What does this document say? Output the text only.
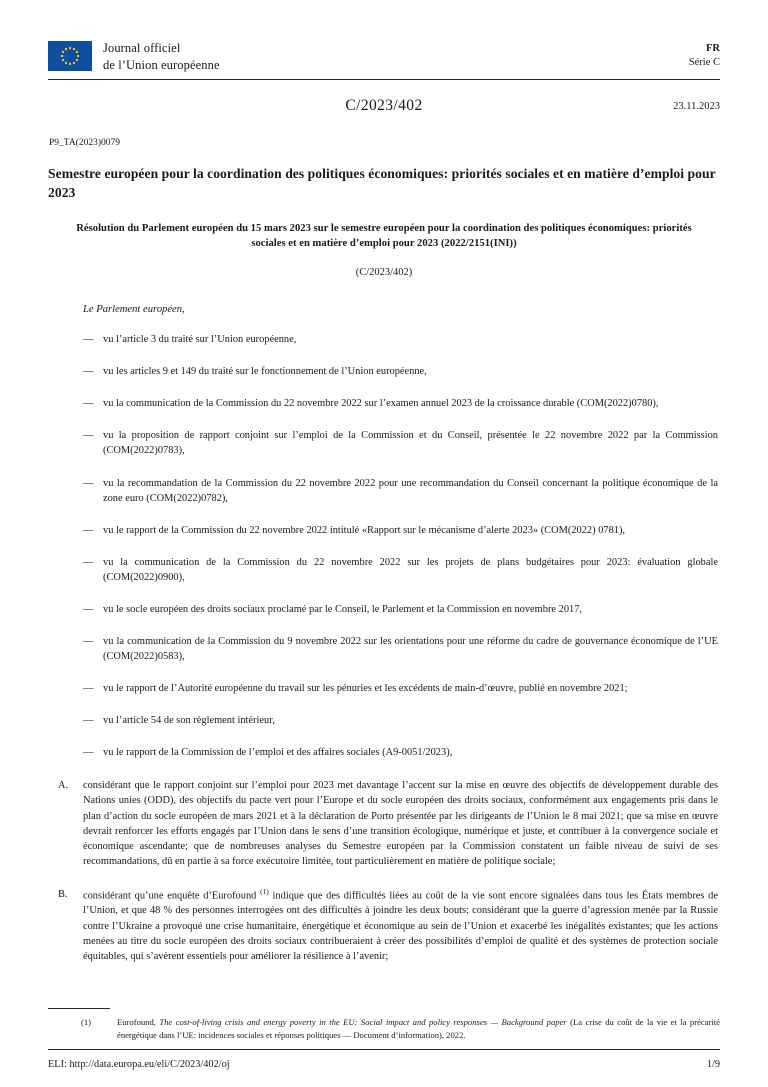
Journal officiel
de l’Union européenne
FR
Série C
C/2023/402	23.11.2023
P9_TA(2023)0079
Semestre européen pour la coordination des politiques économiques: priorités sociales et en matière d’emploi pour 2023
Résolution du Parlement européen du 15 mars 2023 sur le semestre européen pour la coordination des politiques économiques: priorités sociales et en matière d’emploi pour 2023 (2022/2151(INI))
(C/2023/402)

Le Parlement européen,

— vu l’article 3 du traité sur l’Union européenne,
— vu les articles 9 et 149 du traité sur le fonctionnement de l’Union européenne,
— vu la communication de la Commission du 22 novembre 2022 sur l’examen annuel 2023 de la croissance durable (COM(2022)0780),
— vu la proposition de rapport conjoint sur l’emploi de la Commission et du Conseil, présentée le 22 novembre 2022 par la Commission (COM(2022)0783),
— vu la recommandation de la Commission du 22 novembre 2022 pour une recommandation du Conseil concernant la politique économique de la zone euro (COM(2022)0782),
— vu le rapport de la Commission du 22 novembre 2022 intitulé «Rapport sur le mécanisme d’alerte 2023» (COM(2022) 0781),
— vu la communication de la Commission du 22 novembre 2022 sur les projets de plans budgétaires pour 2023: évaluation globale (COM(2022)0900),
— vu le socle européen des droits sociaux proclamé par le Conseil, le Parlement et la Commission en novembre 2017,
— vu la communication de la Commission du 9 novembre 2022 sur les orientations pour une réforme du cadre de gouvernance économique de l’UE (COM(2022)0583),
— vu le rapport de l’Autorité européenne du travail sur les pénuries et les excédents de main-d’œuvre, publié en novembre 2021;
— vu l’article 54 de son règlement intérieur,
— vu le rapport de la Commission de l’emploi et des affaires sociales (A9-0051/2023),
A.	considérant que le rapport conjoint sur l’emploi pour 2023 met davantage l’accent sur la mise en œuvre des objectifs de développement durable des Nations unies (ODD), des objectifs du pacte vert pour l’Europe et du socle européen des droits sociaux, conformément aux engagements pris dans le plan d’action du socle européen de mars 2021 et à la déclaration de Porto présentée par les dirigeants de l’Union le 8 mai 2021; que sa mise en œuvre devrait renforcer les efforts engagés par l’Union dans le sens d’une transition écologique, numérique et juste, et contribuer à la convergence sociale et économique ascendante; que de nombreuses analyses du Semestre européen par la Commission constatent un faible niveau de suivi de ses recommandations, dû en partie à sa force exécutoire limitée, tout particulièrement en matière de politique sociale;
B.	considérant qu’une enquête d’Eurofound $^{(1)}$ indique que des difficultés liées au coût de la vie sont encore signalées dans tous les États membres de l’Union, et que 48 % des personnes interrogées ont des difficultés à joindre les deux bouts; considérant que la guerre d’agression menée par la Russie contre l’Ukraine a provoqué une crise humanitaire, énergétique et économique au sein de l’Union et exacerbé les inégalités existantes; que les actions menées au titre du socle européen des droits sociaux contribueraient à créer des possibilités d’emploi de qualité et des systèmes de protection sociale équitables, qui s’avèrent essentiels pour améliorer la résilience à l’avenir;
(1)	Eurofound, The cost-of-living crisis and energy poverty in the EU: Social impact and policy responses — Background paper (La crise du coût de la vie et la précarité énergétique dans l’UE: incidences sociales et réponses politiques — Document d’information), 2022.
ELI: http://data.europa.eu/eli/C/2023/402/oj	1/9
